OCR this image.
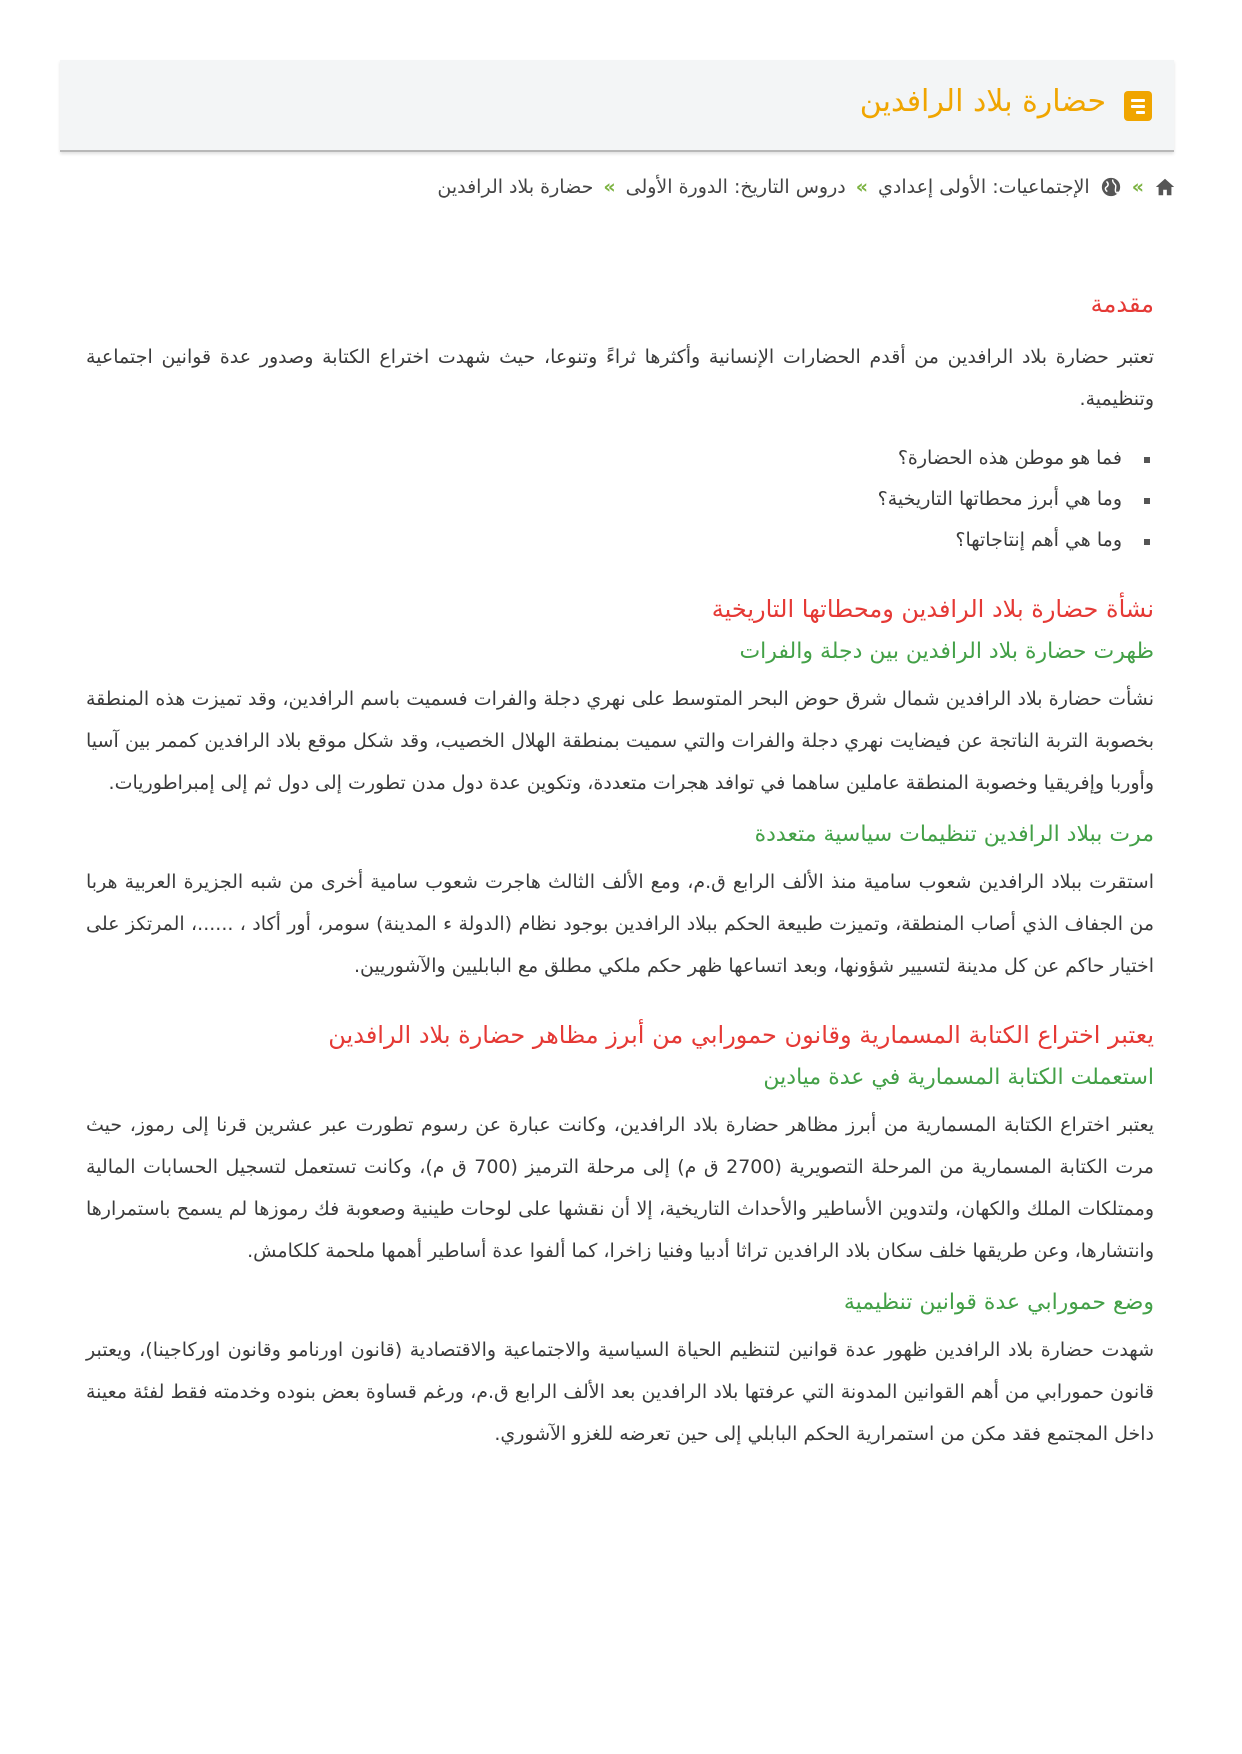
حضارة بلاد الرافدين
»
الإجتماعيات: الأولى إعدادي
»
دروس التاريخ: الدورة الأولى
»
حضارة بلاد الرافدين
مقدمة

تعتبر حضارة بلاد الرافدين من أقدم الحضارات الإنسانية وأكثرها ثراءً وتنوعا، حيث شهدت اختراع الكتابة وصدور عدة قوانين اجتماعية وتنظيمية.

فما هو موطن هذه الحضارة؟
وما هي أبرز محطاتها التاريخية؟
وما هي أهم إنتاجاتها؟
نشأة حضارة بلاد الرافدين ومحطاتها التاريخية
ظهرت حضارة بلاد الرافدين بين دجلة والفرات

نشأت حضارة بلاد الرافدين شمال شرق حوض البحر المتوسط على نهري دجلة والفرات فسميت باسم الرافدين، وقد تميزت هذه المنطقة بخصوبة التربة الناتجة عن فيضايت نهري دجلة والفرات والتي سميت بمنطقة الهلال الخصيب، وقد شكل موقع بلاد الرافدين كممر بين آسيا وأوربا وإفريقيا وخصوبة المنطقة عاملين ساهما في توافد هجرات متعددة، وتكوين عدة دول مدن تطورت إلى دول ثم إلى إمبراطوريات.

مرت ببلاد الرافدين تنظيمات سياسية متعددة

استقرت ببلاد الرافدين شعوب سامية منذ الألف الرابع ق.م، ومع الألف الثالث هاجرت شعوب سامية أخرى من شبه الجزيرة العربية هربا من الجفاف الذي أصاب المنطقة، وتميزت طبيعة الحكم ببلاد الرافدين بوجود نظام (الدولة ء المدينة) سومر، أور أكاد ، ......، المرتكز على اختيار حاكم عن كل مدينة لتسيير شؤونها، وبعد اتساعها ظهر حكم ملكي مطلق مع البابليين والآشوريين.

يعتبر اختراع الكتابة المسمارية وقانون حمورابي من أبرز مظاهر حضارة بلاد الرافدين
استعملت الكتابة المسمارية في عدة ميادين

يعتبر اختراع الكتابة المسمارية من أبرز مظاهر حضارة بلاد الرافدين، وكانت عبارة عن رسوم تطورت عبر عشرين قرنا إلى رموز، حيث مرت الكتابة المسمارية من المرحلة التصويرية (2700 ق م) إلى مرحلة الترميز (700 ق م)، وكانت تستعمل لتسجيل الحسابات المالية وممتلكات الملك والكهان، ولتدوين الأساطير والأحداث التاريخية، إلا أن نقشها على لوحات طينية وصعوبة فك رموزها لم يسمح باستمرارها وانتشارها، وعن طريقها خلف سكان بلاد الرافدين تراثا أدبيا وفنيا زاخرا، كما ألفوا عدة أساطير أهمها ملحمة كلكامش.

وضع حمورابي عدة قوانين تنظيمية

شهدت حضارة بلاد الرافدين ظهور عدة قوانين لتنظيم الحياة السياسية والاجتماعية والاقتصادية (قانون اورنامو وقانون اوركاجينا)، ويعتبر قانون حمورابي من أهم القوانين المدونة التي عرفتها بلاد الرافدين بعد الألف الرابع ق.م، ورغم قساوة بعض بنوده وخدمته فقط لفئة معينة داخل المجتمع فقد مكن من استمرارية الحكم البابلي إلى حين تعرضه للغزو الآشوري.
